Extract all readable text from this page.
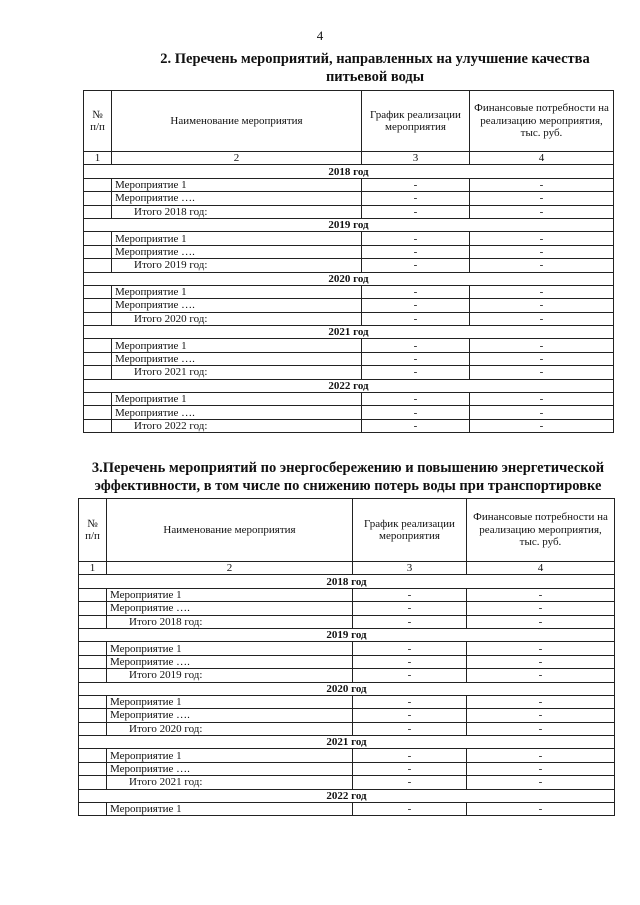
4
2. Перечень мероприятий, направленных на улучшение качества питьевой воды
№ п/п	Наименование мероприятия	График реализации мероприятия	Финансовые потребности на реализацию мероприятия, тыс. руб.
1	2	3	4
2018 год			
	Мероприятие 1	-	-
	Мероприятие ….	-	-
	Итого 2018 год:	-	-
2019 год			
	Мероприятие 1	-	-
	Мероприятие ….	-	-
	Итого 2019 год:	-	-
2020 год			
	Мероприятие 1	-	-
	Мероприятие ….	-	-
	Итого 2020 год:	-	-
2021 год			
	Мероприятие 1	-	-
	Мероприятие ….	-	-
	Итого 2021 год:	-	-
2022 год			
	Мероприятие 1	-	-
	Мероприятие ….	-	-
	Итого 2022 год:	-	-
3.Перечень мероприятий по энергосбережению и повышению энергетической эффективности, в том числе по снижению потерь воды при транспортировке
№ п/п	Наименование мероприятия	График реализации мероприятия	Финансовые потребности на реализацию мероприятия, тыс. руб.
1	2	3	4
2018 год			
	Мероприятие 1	-	-
	Мероприятие ….	-	-
	Итого 2018 год:	-	-
2019 год			
	Мероприятие 1	-	-
	Мероприятие ….	-	-
	Итого 2019 год:	-	-
2020 год			
	Мероприятие 1	-	-
	Мероприятие ….	-	-
	Итого 2020 год:	-	-
2021 год			
	Мероприятие 1	-	-
	Мероприятие ….	-	-
	Итого 2021 год:	-	-
2022 год			
	Мероприятие 1	-	-
